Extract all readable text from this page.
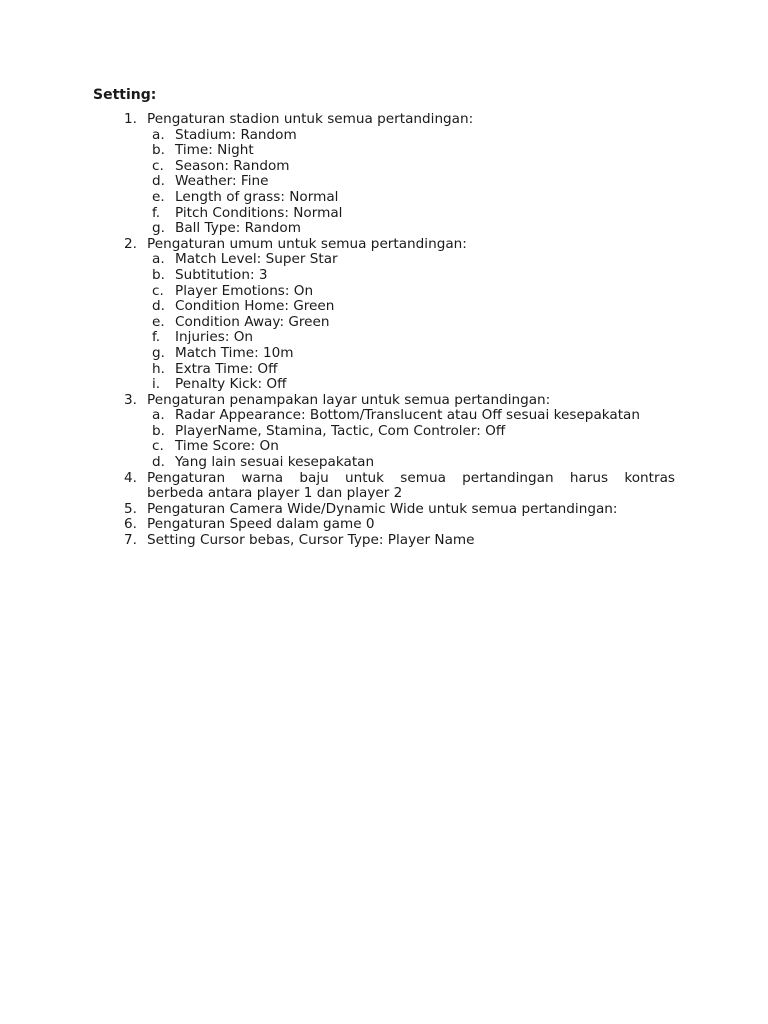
Setting:
1. Pengaturan stadion untuk semua pertandingan:
a. Stadium: Random
b. Time: Night
c. Season: Random
d. Weather: Fine
e. Length of grass: Normal
f.	Pitch Conditions: Normal
g. Ball Type: Random
2. Pengaturan umum untuk semua pertandingan:
a. Match Level: Super Star
b. Subtitution: 3
c. Player Emotions: On
d. Condition Home: Green
e. Condition Away: Green
f.	Injuries: On
g. Match Time: 10m
h. Extra Time: Off
i.	Penalty Kick: Off
3. Pengaturan penampakan layar untuk semua pertandingan:
a. Radar Appearance: Bottom/Translucent atau Off sesuai kesepakatan
b. PlayerName, Stamina, Tactic, Com Controler: Off
c. Time Score: On
d. Yang lain sesuai kesepakatan
4. Pengaturan warna baju untuk semua pertandingan harus kontras
berbeda antara player 1 dan player 2
5. Pengaturan Camera Wide/Dynamic Wide untuk semua pertandingan:
6. Pengaturan Speed dalam game 0
7. Setting Cursor bebas, Cursor Type: Player Name
